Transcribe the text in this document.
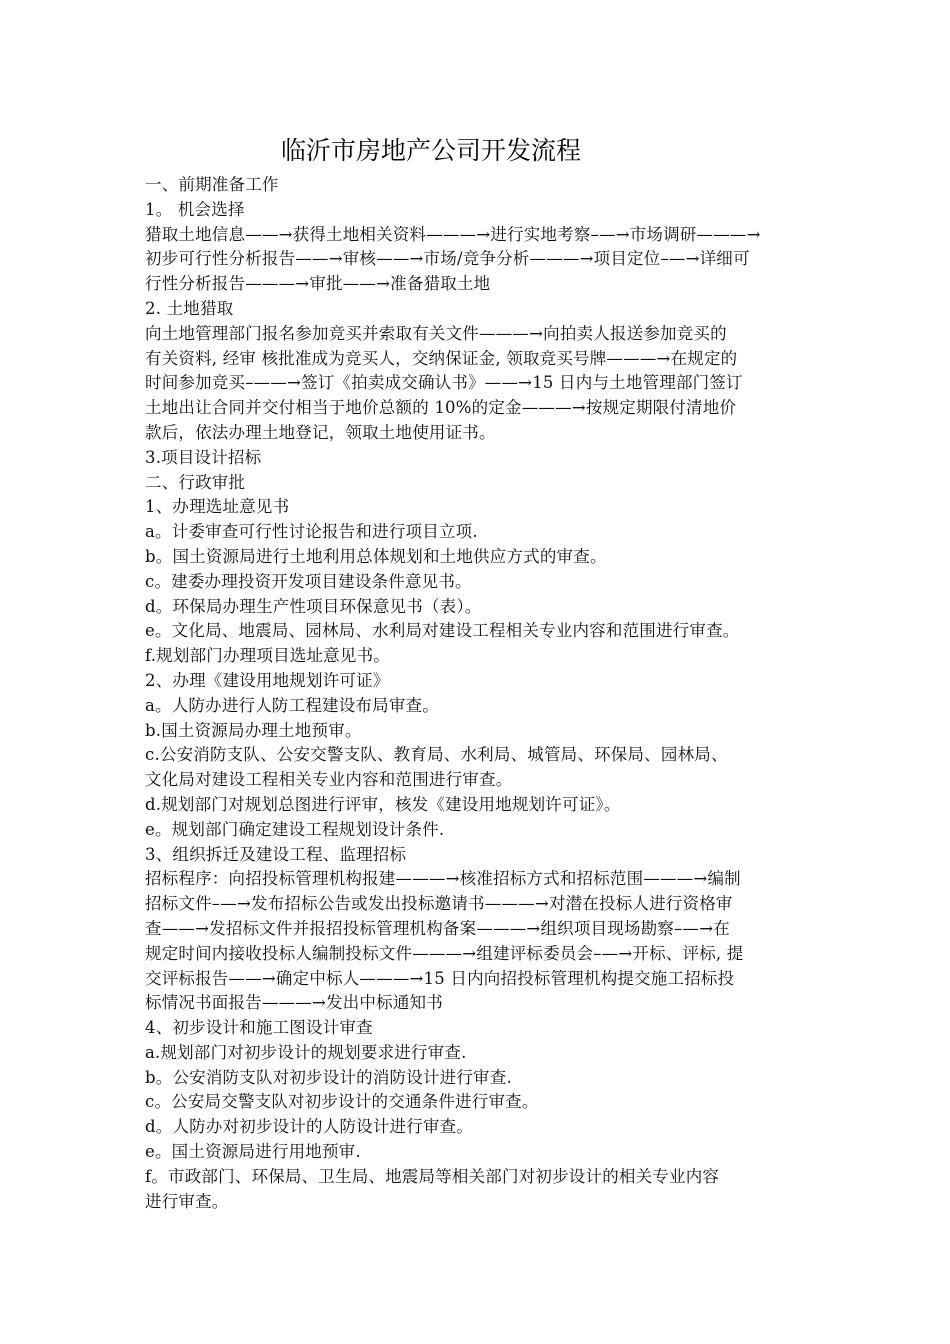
临沂市房地产公司开发流程
一、前期准备工作
1。 机会选择
猎取土地信息——→获得土地相关资料———→进行实地考察–—→市场调研———→
初步可行性分析报告——→审核——→市场/竞争分析———→项目定位–—→详细可
行性分析报告———→审批——→准备猎取土地
2. 土地猎取
向土地管理部门报名参加竞买并索取有关文件———→向拍卖人报送参加竞买的
有关资料, 经审 核批准成为竞买人，交纳保证金, 领取竞买号牌———→在规定的
时间参加竞买–——→签订《拍卖成交确认书》——→15 日内与土地管理部门签订
土地出让合同并交付相当于地价总额的 10%的定金———→按规定期限付清地价
款后，依法办理土地登记，领取土地使用证书。
3.项目设计招标
二、行政审批
1、办理选址意见书
a。计委审查可行性讨论报告和进行项目立项.
b。国土资源局进行土地利用总体规划和土地供应方式的审查。
c。建委办理投资开发项目建设条件意见书。
d。环保局办理生产性项目环保意见书（表）。
e。文化局、地震局、园林局、水利局对建设工程相关专业内容和范围进行审查。
f.规划部门办理项目选址意见书。
2、办理《建设用地规划许可证》
a。人防办进行人防工程建设布局审查。
b.国土资源局办理土地预审。
c.公安消防支队、公安交警支队、教育局、水利局、城管局、环保局、园林局、
文化局对建设工程相关专业内容和范围进行审查。
d.规划部门对规划总图进行评审，核发《建设用地规划许可证》。
e。规划部门确定建设工程规划设计条件.
3、组织拆迁及建设工程、监理招标
招标程序：向招投标管理机构报建———→核准招标方式和招标范围———→编制
招标文件–—→发布招标公告或发出投标邀请书———→对潜在投标人进行资格审
查——→发招标文件并报招投标管理机构备案———→组织项目现场勘察–—→在
规定时间内接收投标人编制投标文件———→组建评标委员会–—→开标、评标, 提
交评标报告——→确定中标人———→15 日内向招投标管理机构提交施工招标投
标情况书面报告———→发出中标通知书
4、初步设计和施工图设计审查
a.规划部门对初步设计的规划要求进行审查.
b。公安消防支队对初步设计的消防设计进行审查.
c。公安局交警支队对初步设计的交通条件进行审查。
d。人防办对初步设计的人防设计进行审查。
e。国土资源局进行用地预审.
f。市政部门、环保局、卫生局、地震局等相关部门对初步设计的相关专业内容
进行审查。
